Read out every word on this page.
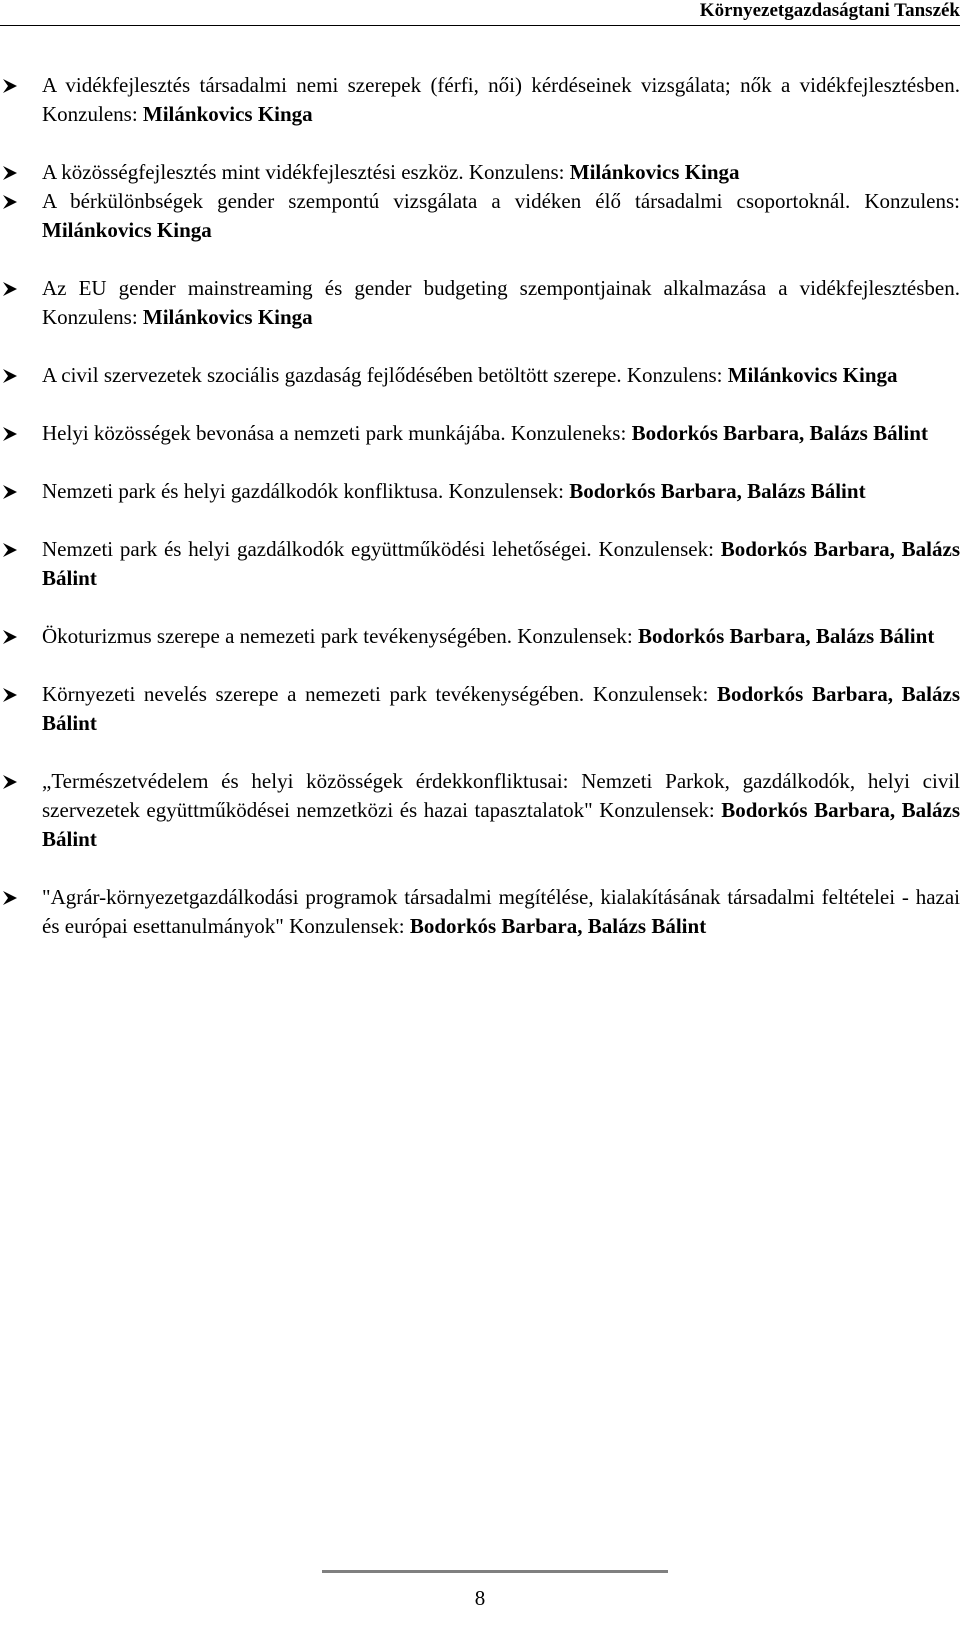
Környezetgazdaságtani Tanszék
A vidékfejlesztés társadalmi nemi szerepek (férfi, női) kérdéseinek vizsgálata; nők a vidékfejlesztésben. Konzulens: Milánkovics Kinga
A közösségfejlesztés mint vidékfejlesztési eszköz. Konzulens: Milánkovics Kinga
A bérkülönbségek gender szempontú vizsgálata a vidéken élő társadalmi csoportoknál. Konzulens: Milánkovics Kinga
Az EU gender mainstreaming és gender budgeting szempontjainak alkalmazása a vidékfejlesztésben. Konzulens: Milánkovics Kinga
A civil szervezetek szociális gazdaság fejlődésében betöltött szerepe. Konzulens: Milánkovics Kinga
Helyi közösségek bevonása a nemzeti park munkájába. Konzuleneks: Bodorkós Barbara, Balázs Bálint
Nemzeti park és helyi gazdálkodók konfliktusa. Konzulensek: Bodorkós Barbara, Balázs Bálint
Nemzeti park és helyi gazdálkodók együttműködési lehetőségei. Konzulensek: Bodorkós Barbara, Balázs Bálint
Ökoturizmus szerepe a nemezeti park tevékenységében. Konzulensek: Bodorkós Barbara, Balázs Bálint
Környezeti nevelés szerepe a nemezeti park tevékenységében. Konzulensek: Bodorkós Barbara, Balázs Bálint
„Természetvédelem és helyi közösségek érdekkonfliktusai: Nemzeti Parkok, gazdálkodók, helyi civil szervezetek együttműködései nemzetközi és hazai tapasztalatok" Konzulensek: Bodorkós Barbara, Balázs Bálint
"Agrár-környezetgazdálkodási programok társadalmi megítélése, kialakításának társadalmi feltételei - hazai és európai esettanulmányok" Konzulensek: Bodorkós Barbara, Balázs Bálint
8
